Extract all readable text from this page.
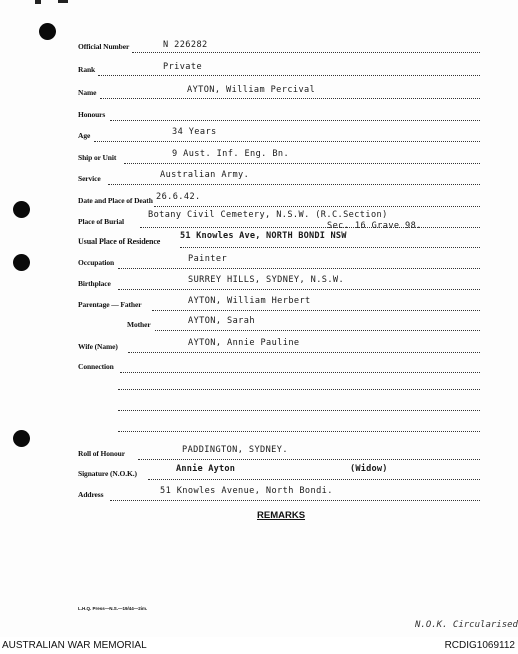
Official Number	N 226282
Rank	Private
Name	AYTON, William Percival
Honours
Age	34 Years
Ship or Unit	9 Aust. Inf. Eng. Bn.
Service	Australian Army.
Date and Place of Death 26.6.42.
Place of Burial
Botany Civil Cemetery, N.S.W. (R.C.Section)
Sec. 16 Grave 98.
Usual Place of Residence
51 Knowles Ave, NORTH BONDI NSW
Occupation	Painter
Birthplace	SURREY HILLS, SYDNEY, N.S.W.
Parentage — Father	AYTON, William Herbert
Mother	AYTON, Sarah
Wife (Name)	AYTON, Annie Pauline
Connection
Roll of Honour	PADDINGTON, SYDNEY.
Signature (N.O.K.)	Annie Ayton	(Widow)
Address	51 Knowles Avenue, North Bondi.
REMARKS
L.H.Q. Press—N.S.—19/44—2im.
N.O.K. Circularised
AUSTRALIAN WAR MEMORIAL	RCDIG1069112
